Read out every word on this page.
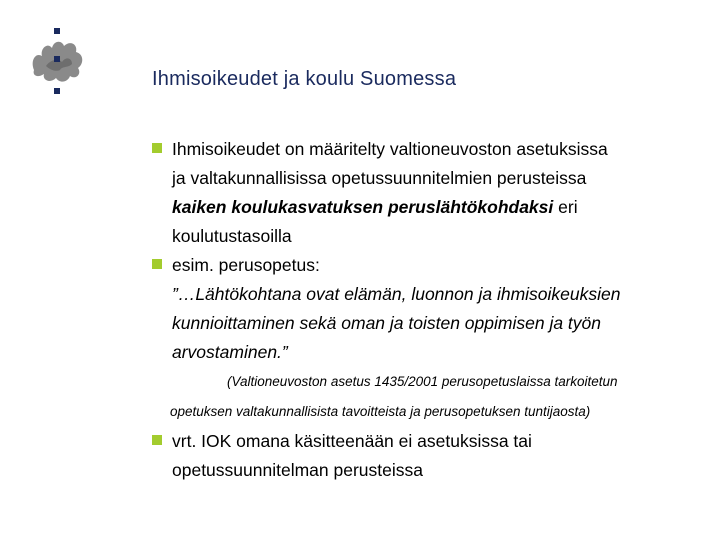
Ihmisoikeudet ja koulu Suomessa
Ihmisoikeudet on määritelty valtioneuvoston asetuksissa
ja valtakunnallisissa opetussuunnitelmien perusteissa
kaiken koulukasvatuksen peruslähtökohdaksi eri
koulutustasoilla
esim. perusopetus:
”…Lähtökohtana ovat elämän, luonnon ja ihmisoikeuksien
kunnioittaminen sekä oman ja toisten oppimisen ja työn
arvostaminen.”
(Valtioneuvoston asetus 1435/2001 perusopetuslaissa tarkoitetun
opetuksen valtakunnallisista tavoitteista ja perusopetuksen tuntijaosta)
vrt. IOK omana käsitteenään ei asetuksissa tai
opetussuunnitelman perusteissa
